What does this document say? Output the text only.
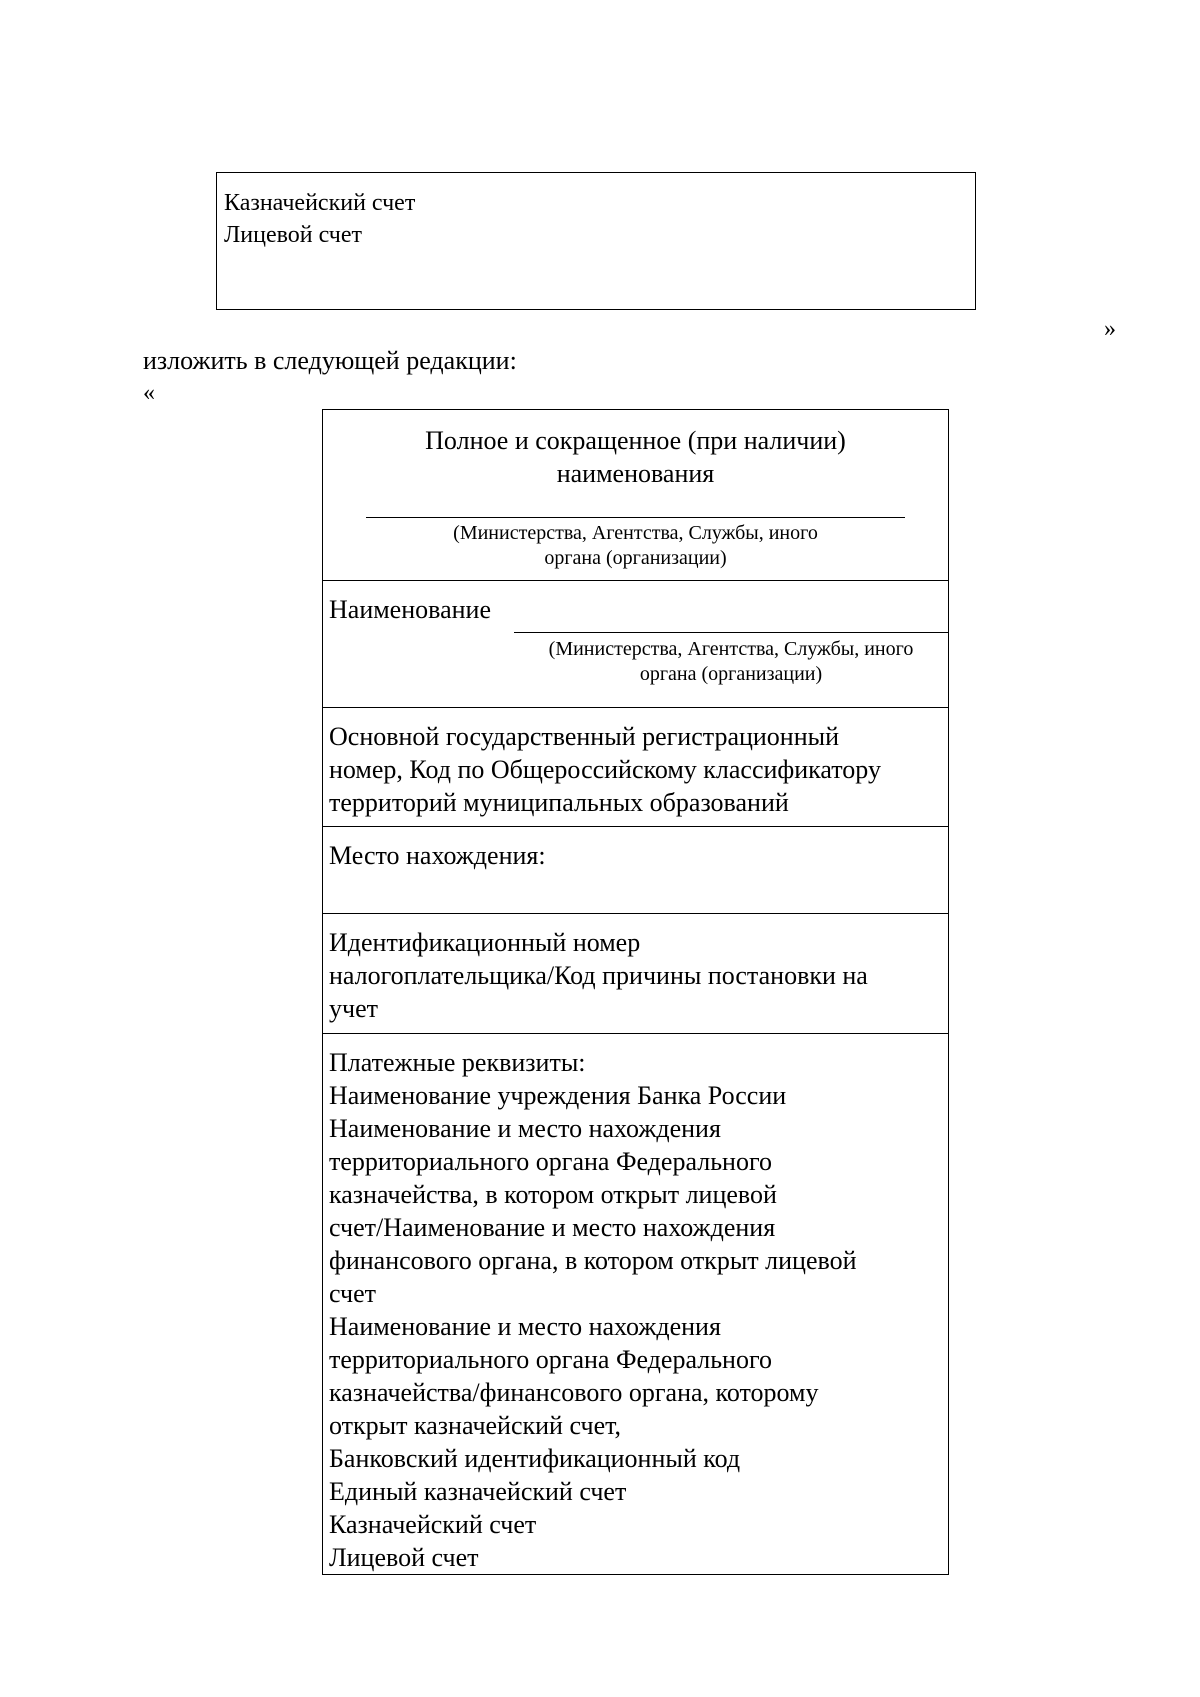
Казначейский счет
Лицевой счет
»
изложить в следующей редакции:
«
Полное и сокращенное (при наличии)
наименования
(Министерства, Агентства, Службы, иного
органа (организации)
Наименование
(Министерства, Агентства, Службы, иного
органа (организации)
Основной государственный регистрационный
номер, Код по Общероссийскому классификатору
территорий муниципальных образований
Место нахождения:
Идентификационный номер
налогоплательщика/Код причины постановки на
учет
Платежные реквизиты:
Наименование учреждения Банка России
Наименование и место нахождения
территориального органа Федерального
казначейства, в котором открыт лицевой
счет/Наименование и место нахождения
финансового органа, в котором открыт лицевой
счет
Наименование и место нахождения
территориального органа Федерального
казначейства/финансового органа, которому
открыт казначейский счет,
Банковский идентификационный код
Единый казначейский счет
Казначейский счет
Лицевой счет
